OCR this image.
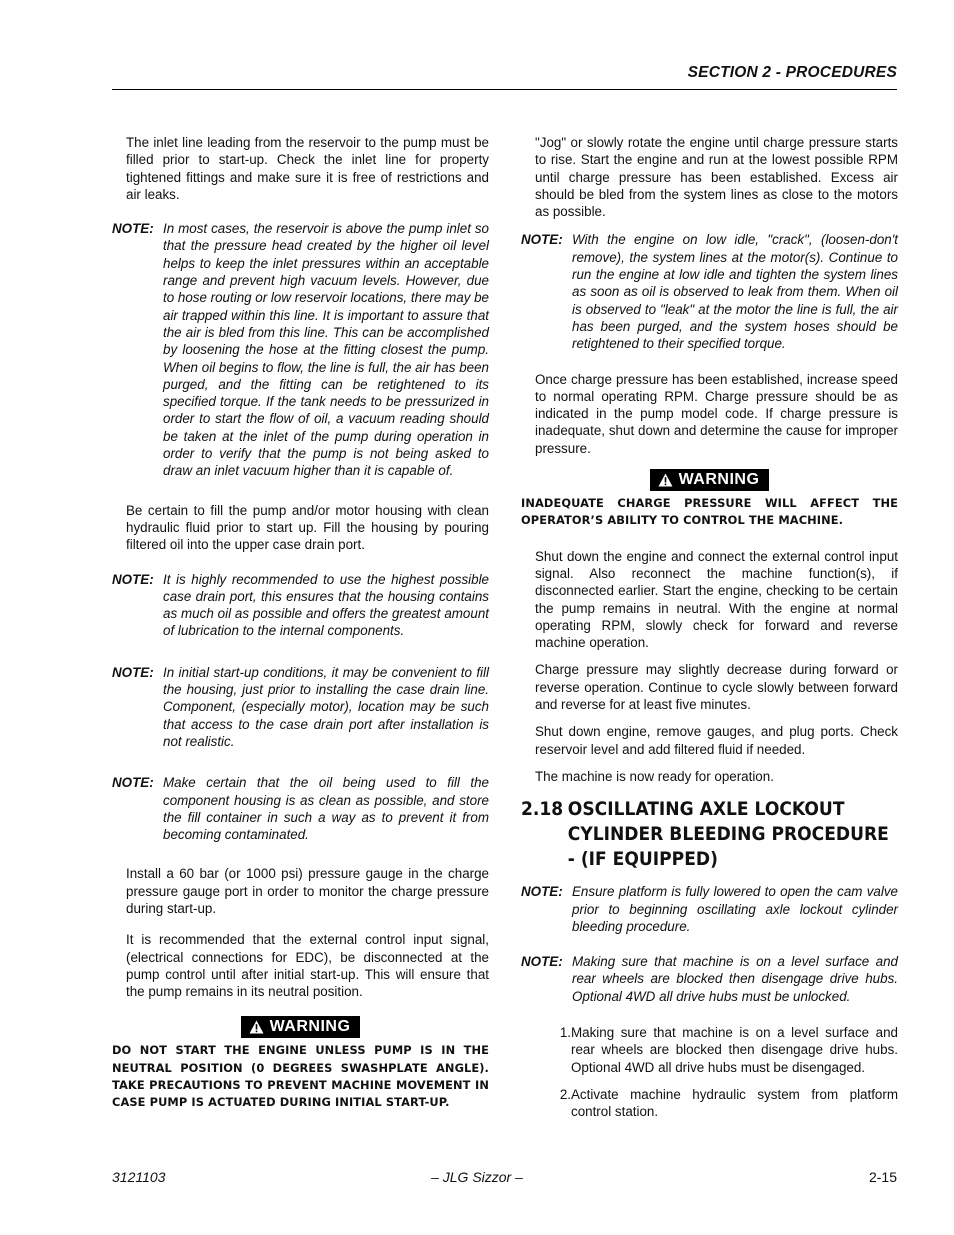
SECTION 2 - PROCEDURES

The inlet line leading from the reservoir to the pump must be filled prior to start-up. Check the inlet line for property tightened fittings and make sure it is free of restrictions and air leaks.

NOTE: In most cases, the reservoir is above the pump inlet so that the pressure head created by the higher oil level helps to keep the inlet pressures within an acceptable range and prevent high vacuum levels. However, due to hose routing or low reservoir locations, there may be air trapped within this line. It is important to assure that the air is bled from this line. This can be accomplished by loosening the hose at the fitting closest the pump. When oil begins to flow, the line is full, the air has been purged, and the fitting can be retightened to its specified torque. If the tank needs to be pressurized in order to start the flow of oil, a vacuum reading should be taken at the inlet of the pump during operation in order to verify that the pump is not being asked to draw an inlet vacuum higher than it is capable of.

Be certain to fill the pump and/or motor housing with clean hydraulic fluid prior to start up. Fill the housing by pouring filtered oil into the upper case drain port.

NOTE: It is highly recommended to use the highest possible case drain port, this ensures that the housing contains as much oil as possible and offers the greatest amount of lubrication to the internal components.
NOTE: In initial start-up conditions, it may be convenient to fill the housing, just prior to installing the case drain line. Component, (especially motor), location may be such that access to the case drain port after installation is not realistic.
NOTE: Make certain that the oil being used to fill the component housing is as clean as possible, and store the fill container in such a way as to prevent it from becoming contaminated.

Install a 60 bar (or 1000 psi) pressure gauge in the charge pressure gauge port in order to monitor the charge pressure during start-up.

It is recommended that the external control input signal, (electrical connections for EDC), be disconnected at the pump control until after initial start-up. This will ensure that the pump remains in its neutral position.

WARNING

DO NOT START THE ENGINE UNLESS PUMP IS IN THE NEUTRAL POSITION (0 DEGREES SWASHPLATE ANGLE). TAKE PRECAUTIONS TO PREVENT MACHINE MOVEMENT IN CASE PUMP IS ACTUATED DURING INITIAL START-UP.

"Jog" or slowly rotate the engine until charge pressure starts to rise. Start the engine and run at the lowest possible RPM until charge pressure has been established. Excess air should be bled from the system lines as close to the motors as possible.

NOTE: With the engine on low idle, "crack", (loosen-don't remove), the system lines at the motor(s). Continue to run the engine at low idle and tighten the system lines as soon as oil is observed to leak from them. When oil is observed to "leak" at the motor the line is full, the air has been purged, and the system hoses should be retightened to their specified torque.

Once charge pressure has been established, increase speed to normal operating RPM. Charge pressure should be as indicated in the pump model code. If charge pressure is inadequate, shut down and determine the cause for improper pressure.

WARNING

INADEQUATE CHARGE PRESSURE WILL AFFECT THE OPERATOR’S ABILITY TO CONTROL THE MACHINE.

Shut down the engine and connect the external control input signal. Also reconnect the machine function(s), if disconnected earlier. Start the engine, checking to be certain the pump remains in neutral. With the engine at normal operating RPM, slowly check for forward and reverse machine operation.

Charge pressure may slightly decrease during forward or reverse operation. Continue to cycle slowly between forward and reverse for at least five minutes.

Shut down engine, remove gauges, and plug ports. Check reservoir level and add filtered fluid if needed.

The machine is now ready for operation.

2.18 OSCILLATING AXLE LOCKOUT CYLINDER BLEEDING PROCEDURE - (IF EQUIPPED)
NOTE: Ensure platform is fully lowered to open the cam valve prior to beginning oscillating axle lockout cylinder bleeding procedure.
NOTE: Making sure that machine is on a level surface and rear wheels are blocked then disengage drive hubs. Optional 4WD all drive hubs must be unlocked.
1. Making sure that machine is on a level surface and rear wheels are blocked then disengage drive hubs. Optional 4WD all drive hubs must be disengaged.
2. Activate machine hydraulic system from platform control station.
3121103	– JLG Sizzor –	2-15
